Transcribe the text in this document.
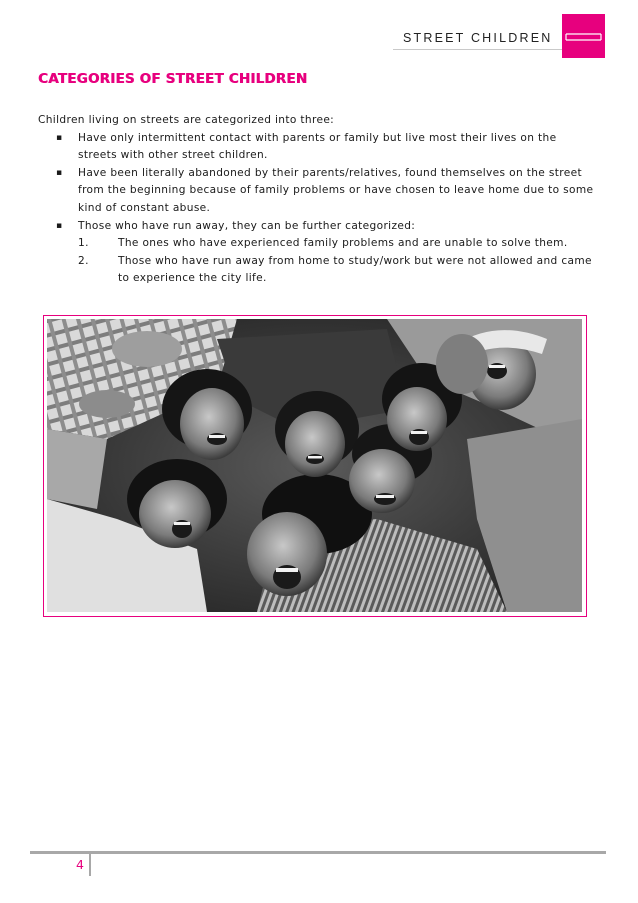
STREET CHILDREN
CATEGORIES OF STREET CHILDREN

Children living on streets are categorized into three:

▪ Have only intermittent contact with parents or family but live most their lives on the streets with other street children.
▪ Have been literally abandoned by their parents/relatives, found themselves on the street from the beginning because of family problems or have chosen to leave home due to some kind of constant abuse.
▪ Those who have run away, they can be further categorized:
1.	The ones who have experienced family problems and are unable to solve them.
2.	Those who have run away from home to study/work but were not allowed and came to experience the city life.
4
